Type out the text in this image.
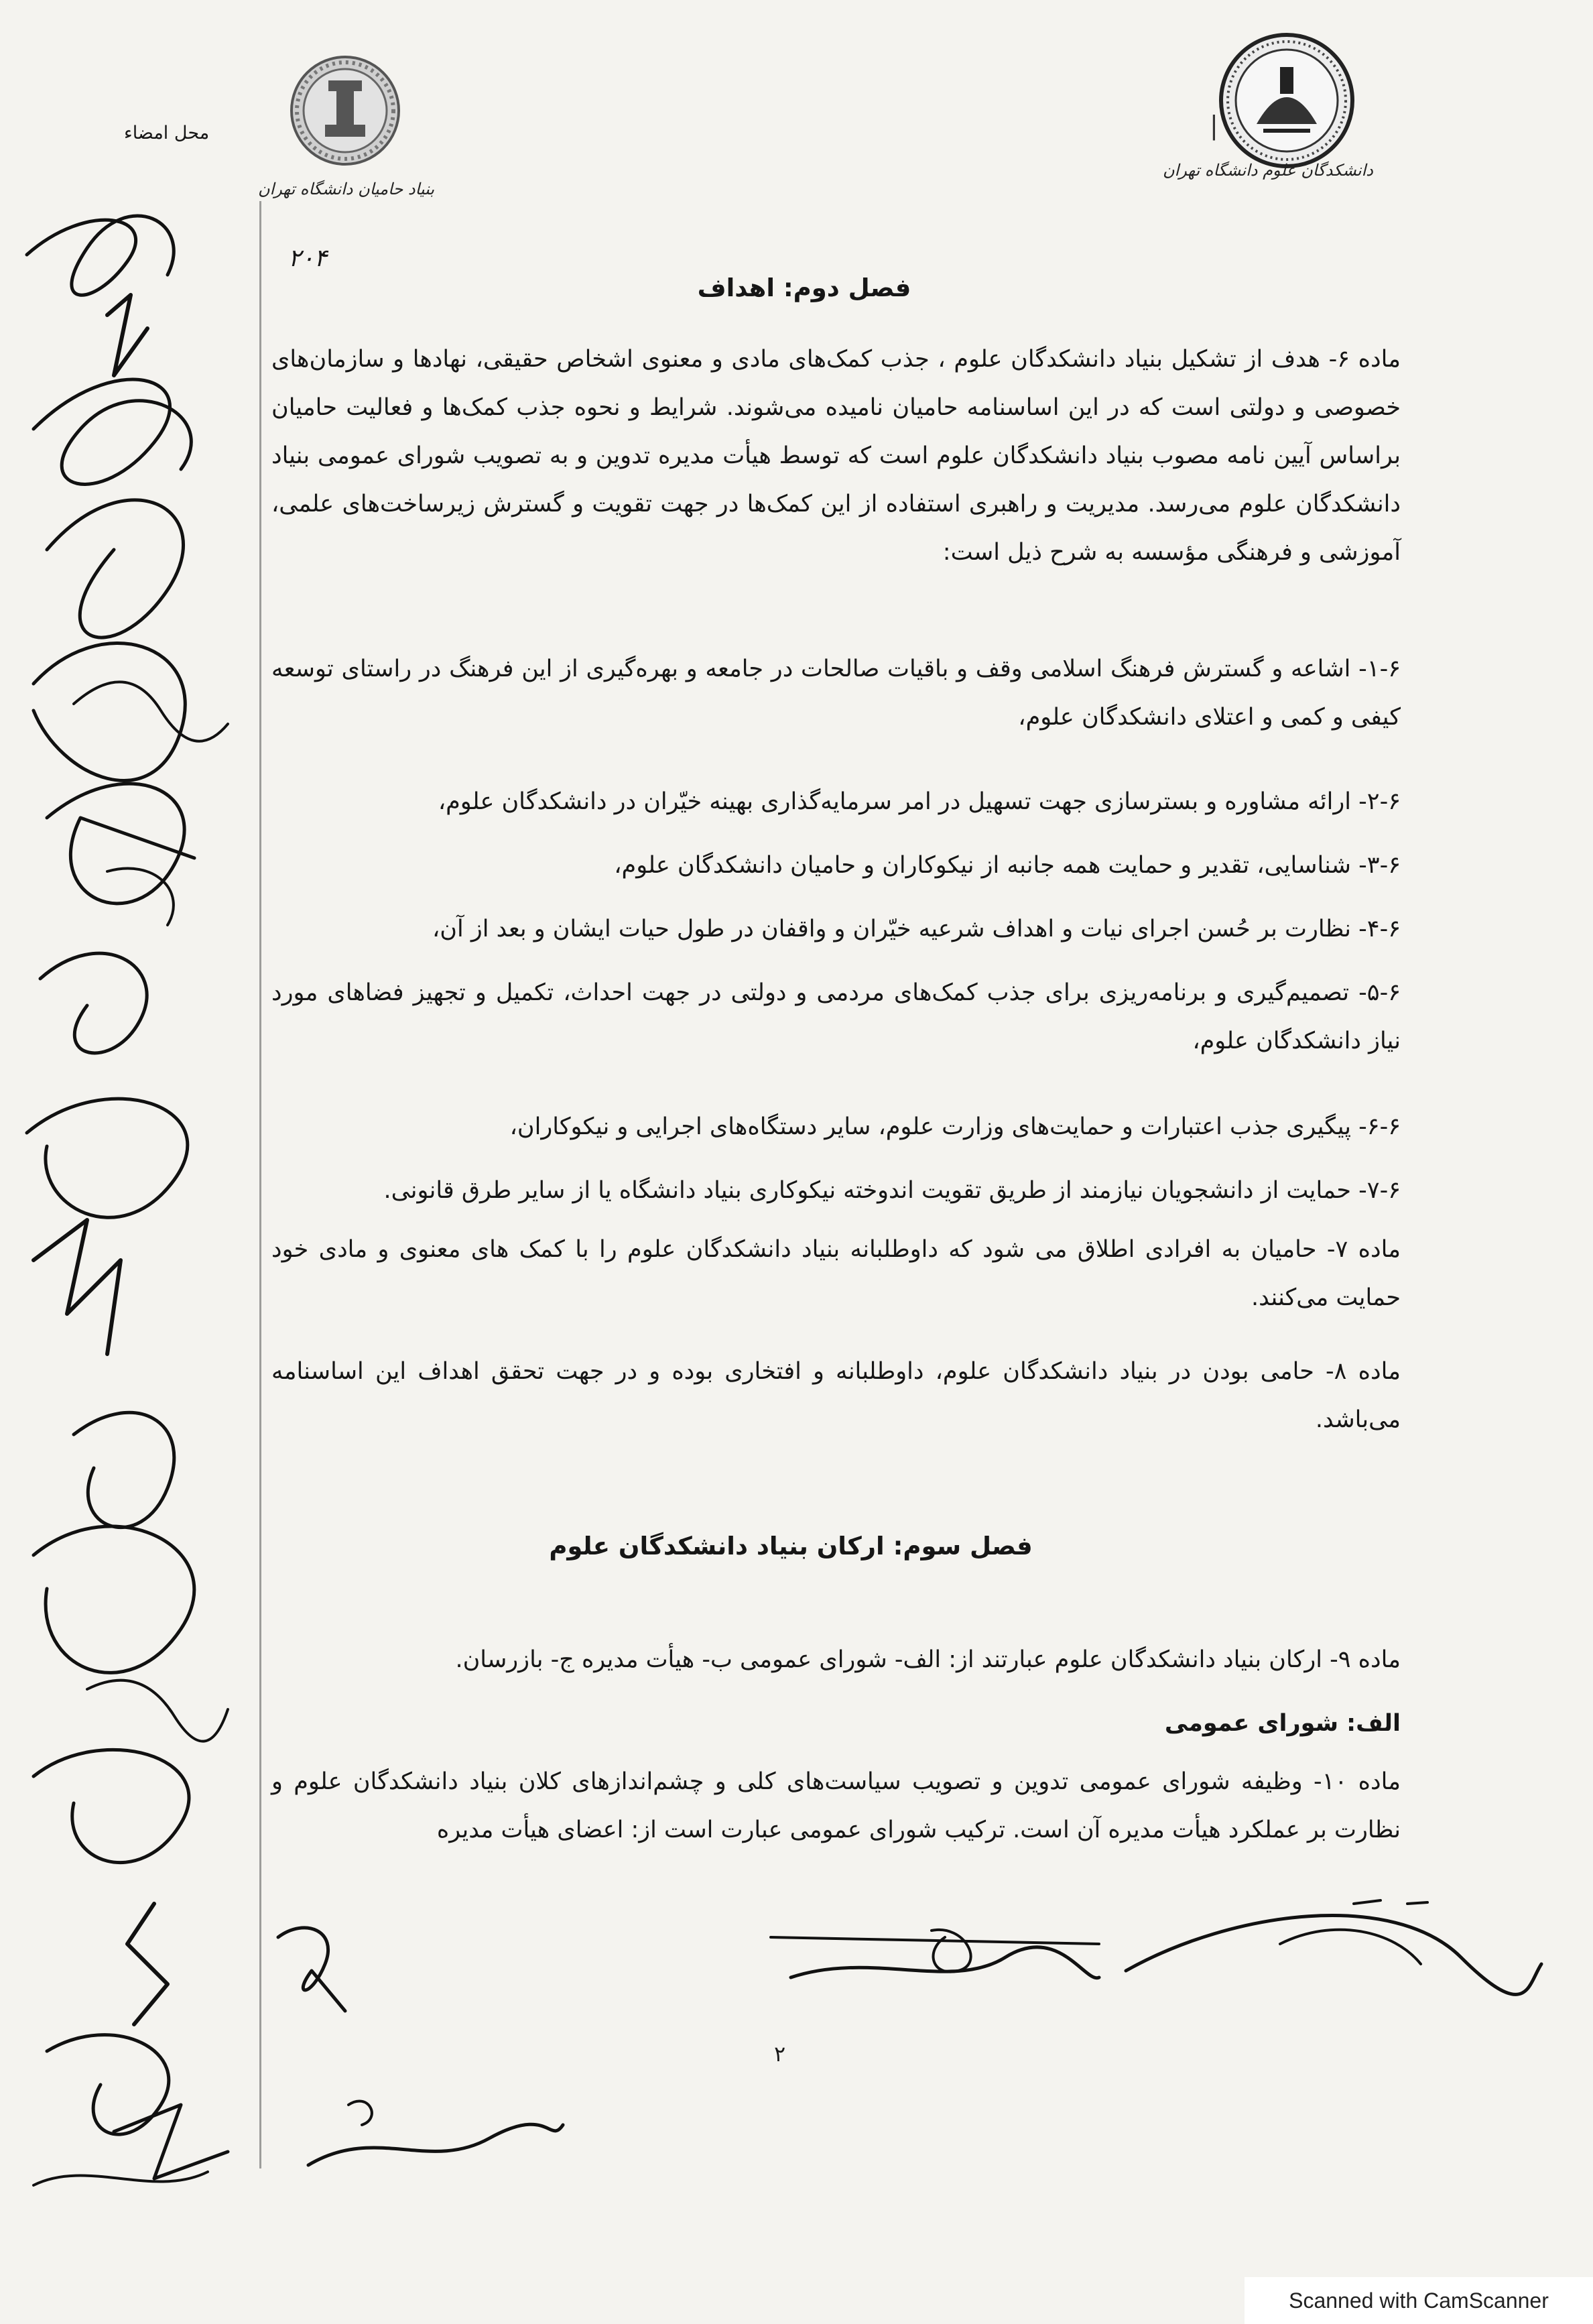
بنیاد حامیان دانشگاه تهران
دانشکدگان علوم دانشگاه تهران
محل امضاء	|
۲۰۴
فصل دوم: اهداف
ماده ۶- هدف از تشکیل بنیاد دانشکدگان علوم ، جذب کمک‌های مادی و معنوی اشخاص حقیقی، نهادها و سازمان‌های خصوصی و دولتی است که در این اساسنامه حامیان نامیده می‌شوند. شرایط و نحوه جذب کمک‌ها و فعالیت حامیان براساس آیین نامه مصوب بنیاد دانشکدگان علوم است که توسط هیأت مدیره تدوین و به تصویب شورای عمومی بنیاد دانشکدگان علوم می‌رسد. مدیریت و راهبری استفاده از این کمک‌ها در جهت تقویت و گسترش زیرساخت‌های علمی، آموزشی و فرهنگی مؤسسه به شرح ذیل است:
۱-۶- اشاعه و گسترش فرهنگ اسلامی وقف و باقیات صالحات در جامعه و بهره‌گیری از این فرهنگ در راستای توسعه کیفی و کمی و اعتلای دانشکدگان علوم،
۲-۶- ارائه مشاوره و بسترسازی جهت تسهیل در امر سرمایه‌گذاری بهینه خیّران در دانشکدگان علوم،
۳-۶- شناسایی، تقدیر و حمایت همه جانبه از نیکوکاران و حامیان دانشکدگان علوم،
۴-۶- نظارت بر حُسن اجرای نیات و اهداف شرعیه خیّران و واقفان در طول حیات ایشان و بعد از آن،
۵-۶- تصمیم‌گیری و برنامه‌ریزی برای جذب کمک‌های مردمی و دولتی در جهت احداث، تکمیل و تجهیز فضاهای مورد نیاز دانشکدگان علوم،
۶-۶- پیگیری جذب اعتبارات و حمایت‌های وزارت علوم، سایر دستگاه‌های اجرایی و نیکوکاران،
۷-۶- حمایت از دانشجویان نیازمند از طریق تقویت اندوخته نیکوکاری بنیاد دانشگاه یا از سایر طرق قانونی.
ماده ۷- حامیان به افرادی اطلاق می شود که داوطلبانه بنیاد دانشکدگان علوم را با کمک های معنوی و مادی خود حمایت می‌کنند.
ماده ۸- حامی بودن در بنیاد دانشکدگان علوم، داوطلبانه و افتخاری بوده و در جهت تحقق اهداف این اساسنامه می‌باشد.
فصل سوم: ارکان بنیاد دانشکدگان علوم
ماده ۹- ارکان بنیاد دانشکدگان علوم عبارتند از: الف- شورای عمومی ب- هیأت مدیره ج- بازرسان.
الف: شورای عمومی
ماده ۱۰- وظیفه شورای عمومی تدوین و تصویب سیاست‌های کلی و چشم‌اندازهای کلان بنیاد دانشکدگان علوم و نظارت بر عملکرد هیأت مدیره آن است. ترکیب شورای عمومی عبارت است از: اعضای هیأت مدیره
۲
Scanned with CamScanner
